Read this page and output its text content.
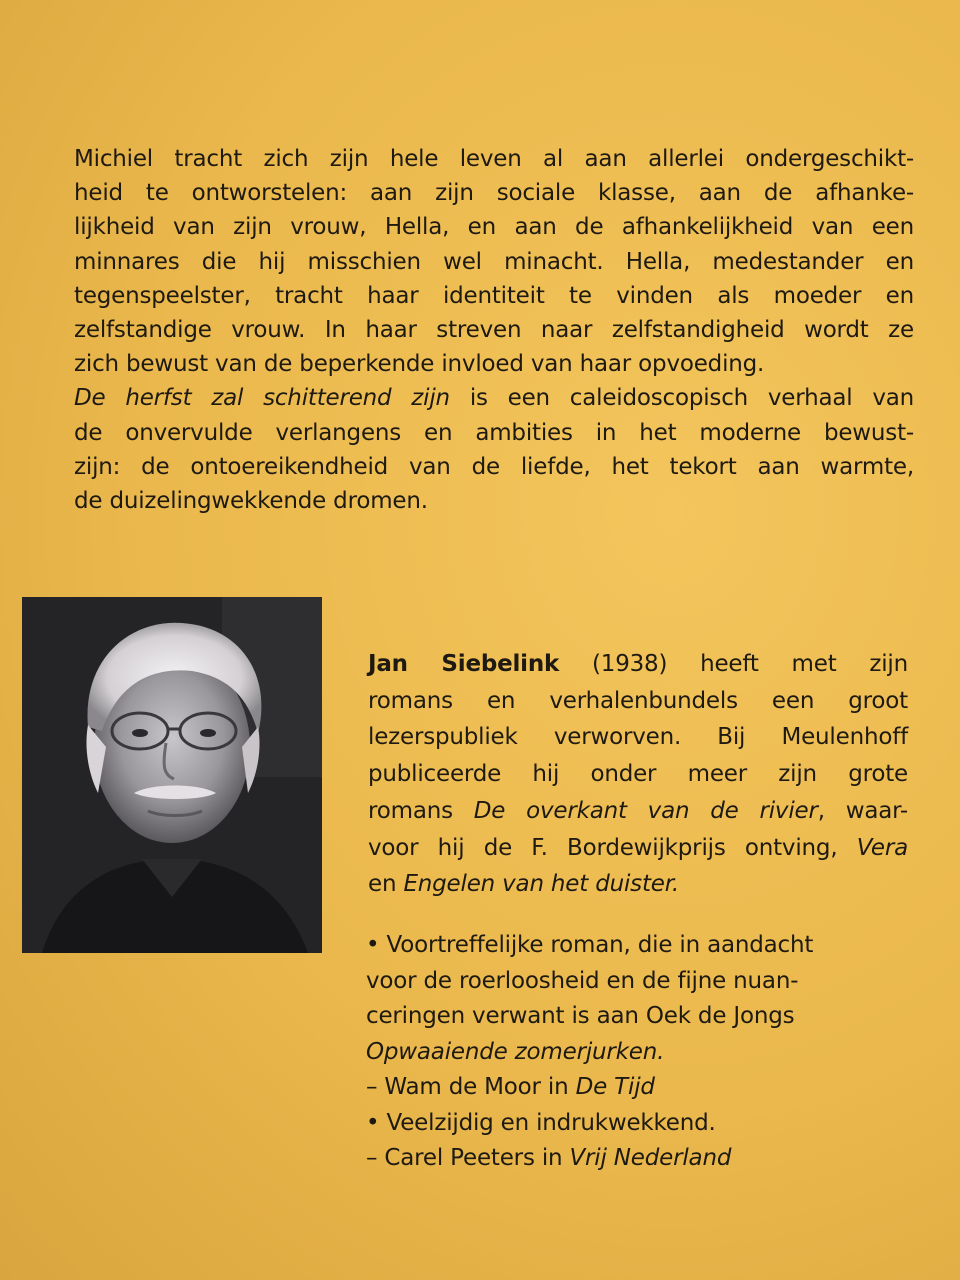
Michiel tracht zich zijn hele leven al aan allerlei ondergeschikt-
heid te ontworstelen: aan zijn sociale klasse, aan de afhanke-
lijkheid van zijn vrouw, Hella, en aan de afhankelijkheid van een
minnares die hij misschien wel minacht. Hella, medestander en
tegenspeelster, tracht haar identiteit te vinden als moeder en
zelfstandige vrouw. In haar streven naar zelfstandigheid wordt ze
zich bewust van de beperkende invloed van haar opvoeding.
De herfst zal schitterend zijn is een caleidoscopisch verhaal van
de onvervulde verlangens en ambities in het moderne bewust-
zijn: de ontoereikendheid van de liefde, het tekort aan warmte,
de duizelingwekkende dromen.
Jan Siebelink (1938) heeft met zijn
romans en verhalenbundels een groot
lezerspubliek verworven. Bij Meulenhoff
publiceerde hij onder meer zijn grote
romans De overkant van de rivier, waar-
voor hij de F. Bordewijkprijs ontving, Vera
en Engelen van het duister.
• Voortreffelijke roman, die in aandacht
voor de roerloosheid en de fijne nuan-
ceringen verwant is aan Oek de Jongs
Opwaaiende zomerjurken.
– Wam de Moor in De Tijd
• Veelzijdig en indrukwekkend.
– Carel Peeters in Vrij Nederland
